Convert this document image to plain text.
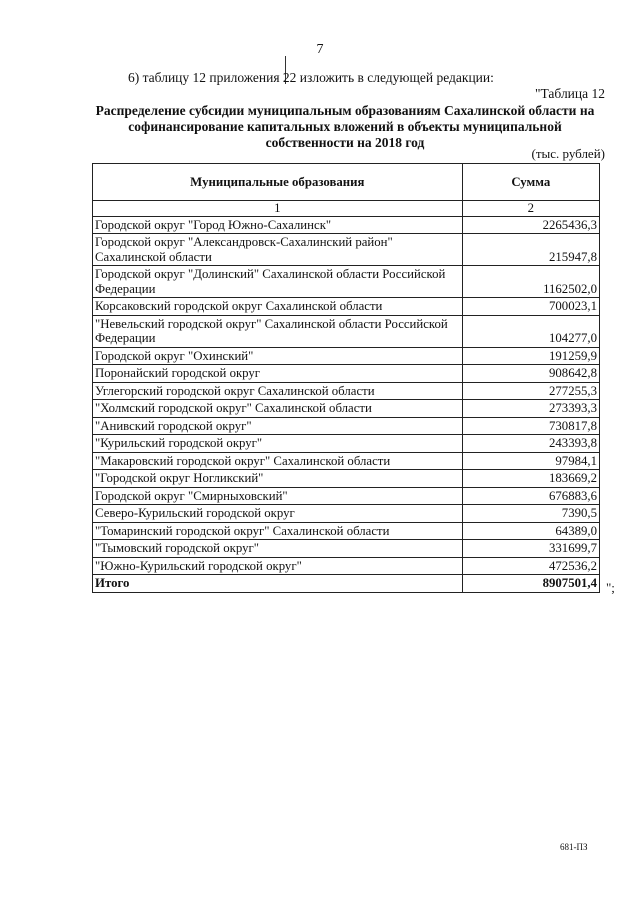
7
6) таблицу 12 приложения 22 изложить в следующей редакции:
"Таблица 12
Распределение субсидии муниципальным образованиям Сахалинской области на софинансирование капитальных вложений в объекты муниципальной собственности на 2018 год
(тыс. рублей)
Муниципальные образования	Сумма
1	2
Городской округ "Город Южно-Сахалинск"	2265436,3
Городской округ "Александровск-Сахалинский район" Сахалинской области	215947,8
Городской округ "Долинский" Сахалинской области Российской Федерации	1162502,0
Корсаковский городской округ Сахалинской области	700023,1
"Невельский городской округ" Сахалинской области Российской Федерации	104277,0
Городской округ "Охинский"	191259,9
Поронайский городской округ	908642,8
Углегорский городской округ Сахалинской области	277255,3
"Холмский городской округ" Сахалинской области	273393,3
"Анивский городской округ"	730817,8
"Курильский городской округ"	243393,8
"Макаровский городской округ" Сахалинской области	97984,1
"Городской округ Ногликский"	183669,2
Городской округ "Смирныховский"	676883,6
Северо-Курильский городской округ	7390,5
"Томаринский городской округ" Сахалинской области	64389,0
"Тымовский городской округ"	331699,7
"Южно-Курильский городской округ"	472536,2
Итого	8907501,4 ";
681-ПЗ
